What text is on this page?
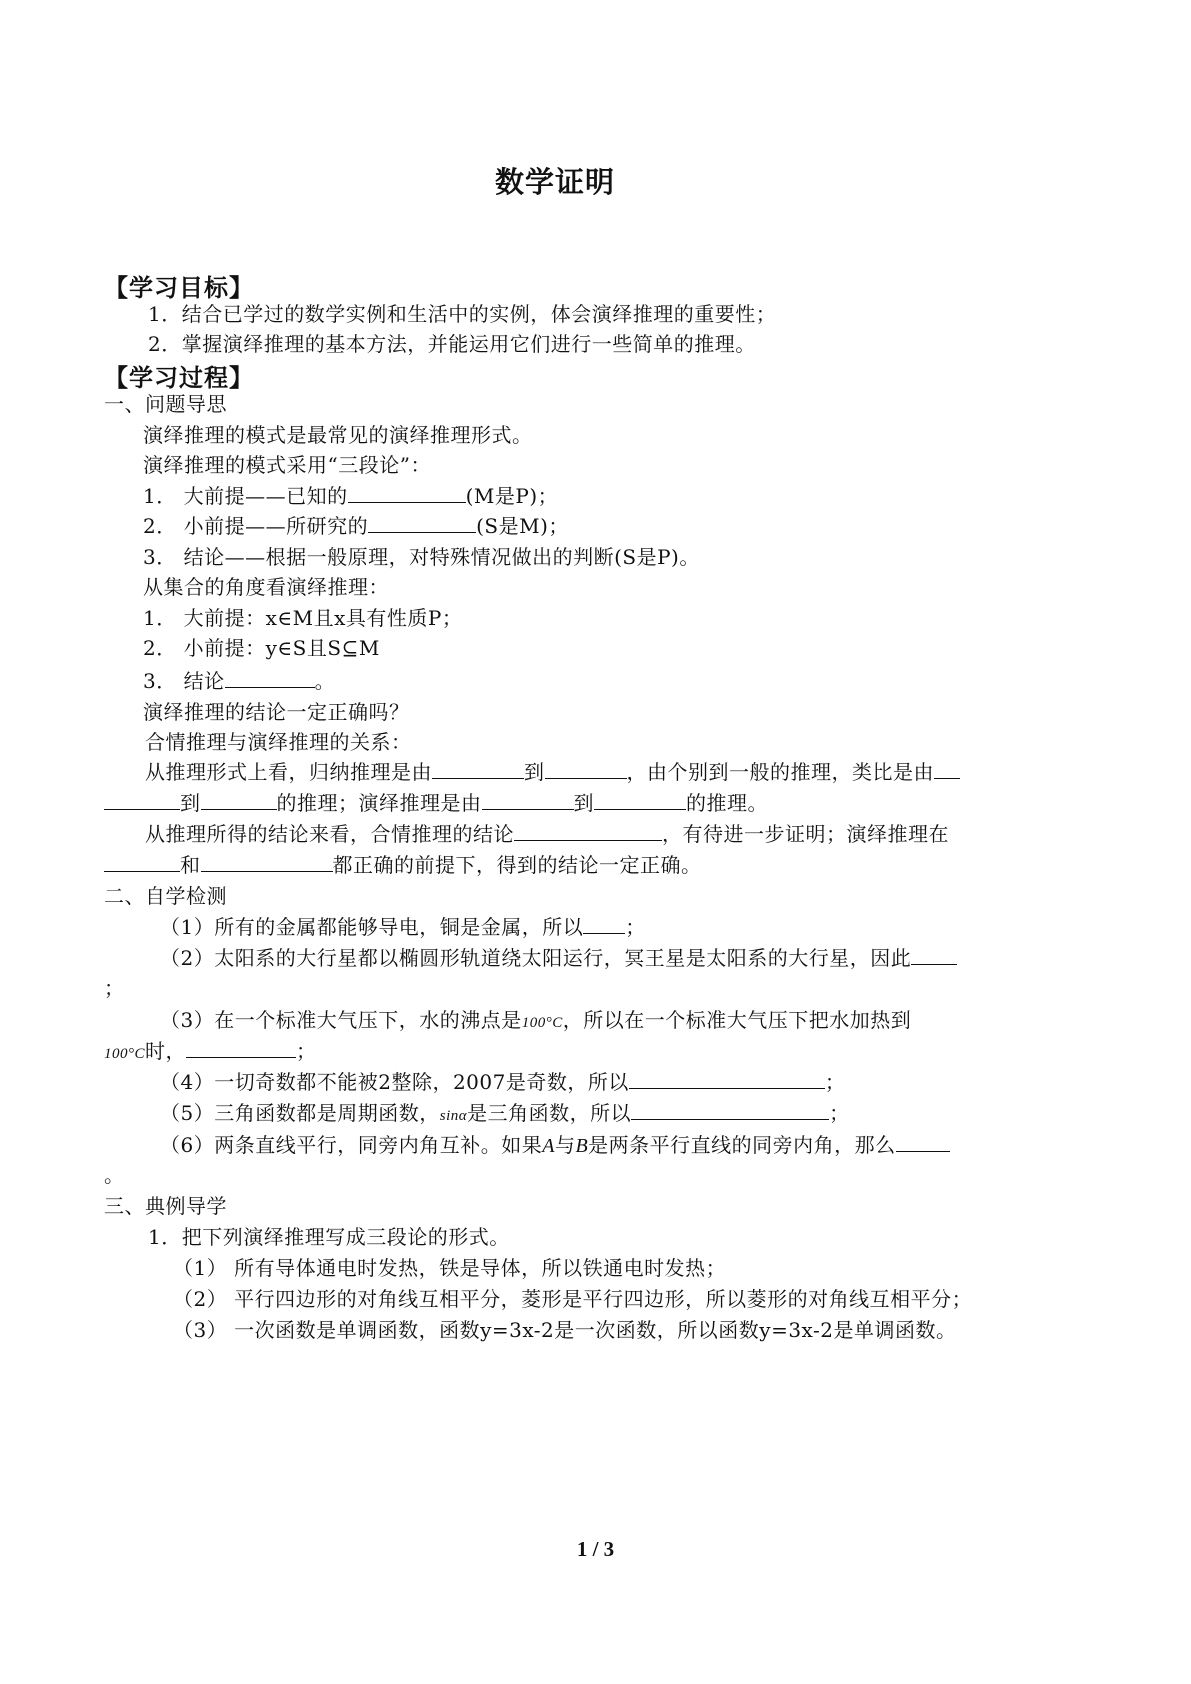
数学证明
【学习目标】
1．结合已学过的数学实例和生活中的实例，体会演绎推理的重要性；
2．掌握演绎推理的基本方法，并能运用它们进行一些简单的推理。
【学习过程】
一、问题导思
演绎推理的模式是最常见的演绎推理形式。
演绎推理的模式采用“三段论”：
1． 大前提——已知的	(M是P)；
2． 小前提——所研究的	(S是M)；
3． 结论——根据一般原理，对特殊情况做出的判断(S是P)。
从集合的角度看演绎推理：
1． 大前提：x∈M且x具有性质P；
2． 小前提：y∈S且S⊆M
3． 结论	。
演绎推理的结论一定正确吗？
合情推理与演绎推理的关系：
从推理形式上看，归纳推理是由	到	，由个别到一般的推理，类比是由
到	的推理；演绎推理是由	到	的推理。
从推理所得的结论来看，合情推理的结论	，有待进一步证明；演绎推理在
和	都正确的前提下，得到的结论一定正确。
二、自学检测
（1）所有的金属都能够导电，铜是金属，所以 ；
（2）太阳系的大行星都以椭圆形轨道绕太阳运行，冥王星是太阳系的大行星，因此
；
（3）在一个标准大气压下，水的沸点是100°C，所以在一个标准大气压下把水加热到
100°C时，	；
（4）一切奇数都不能被2整除，2007是奇数，所以	；
（5）三角函数都是周期函数，sinα是三角函数，所以	；
（6）两条直线平行，同旁内角互补。如果A与B是两条平行直线的同旁内角，那么
。
三、典例导学
1．把下列演绎推理写成三段论的形式。
（1） 所有导体通电时发热，铁是导体，所以铁通电时发热；
（2） 平行四边形的对角线互相平分，菱形是平行四边形，所以菱形的对角线互相平分；
（3） 一次函数是单调函数，函数y=3x-2是一次函数，所以函数y=3x-2是单调函数。
1 / 3
